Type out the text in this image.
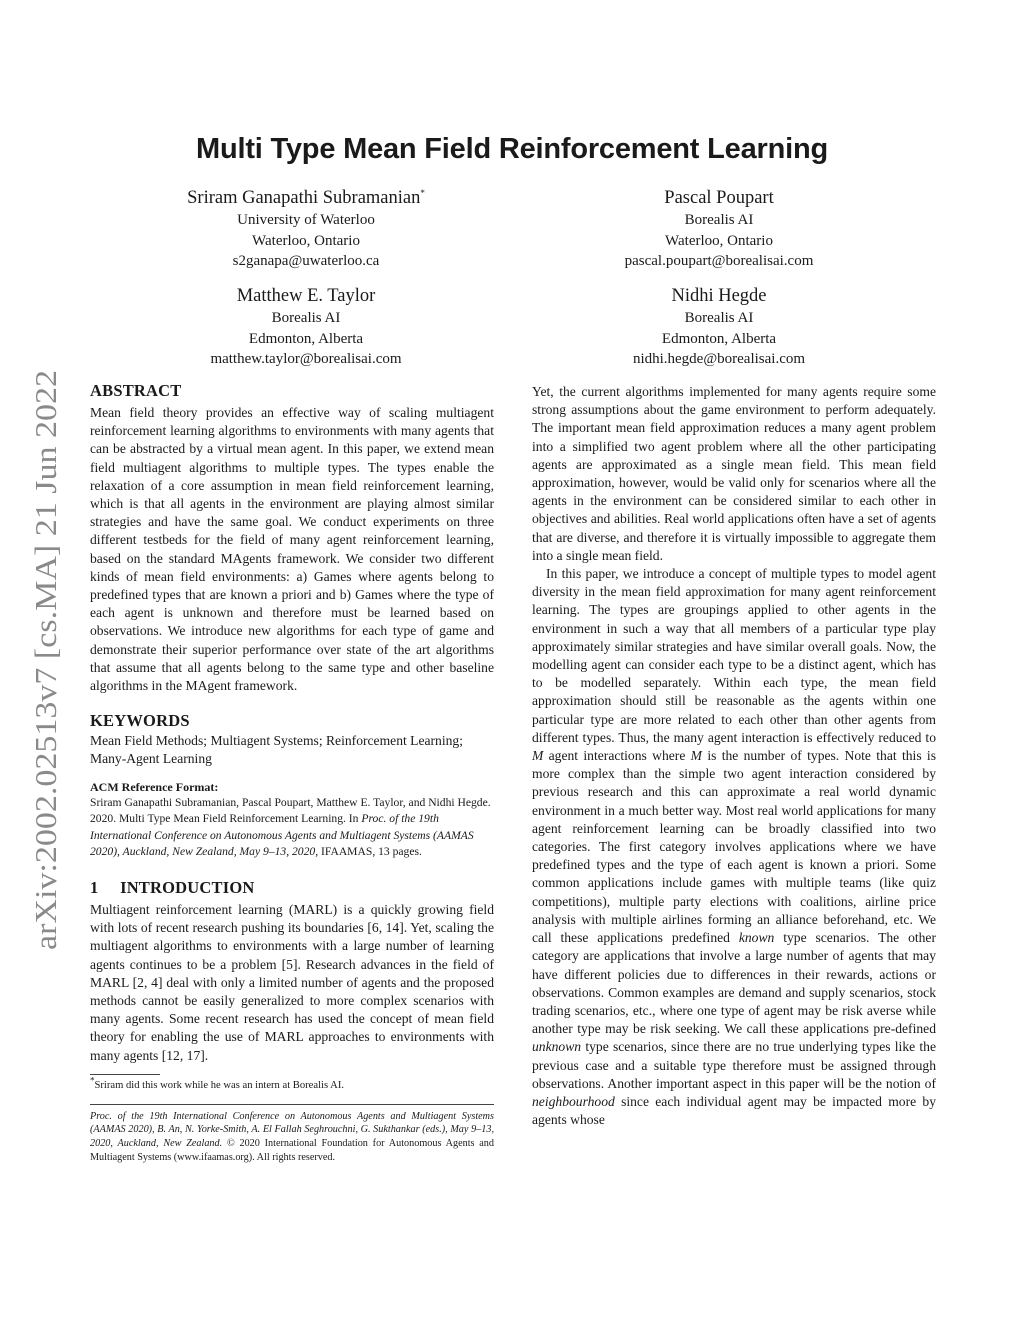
arXiv:2002.02513v7 [cs.MA] 21 Jun 2022
Multi Type Mean Field Reinforcement Learning
Sriram Ganapathi Subramanian*
University of Waterloo
Waterloo, Ontario
s2ganapa@uwaterloo.ca
Pascal Poupart
Borealis AI
Waterloo, Ontario
pascal.poupart@borealisai.com
Matthew E. Taylor
Borealis AI
Edmonton, Alberta
matthew.taylor@borealisai.com
Nidhi Hegde
Borealis AI
Edmonton, Alberta
nidhi.hegde@borealisai.com
ABSTRACT

Mean field theory provides an effective way of scaling multiagent reinforcement learning algorithms to environments with many agents that can be abstracted by a virtual mean agent. In this paper, we extend mean field multiagent algorithms to multiple types. The types enable the relaxation of a core assumption in mean field reinforcement learning, which is that all agents in the environment are playing almost similar strategies and have the same goal. We conduct experiments on three different testbeds for the field of many agent reinforcement learning, based on the standard MAgents framework. We consider two different kinds of mean field environments: a) Games where agents belong to predefined types that are known a priori and b) Games where the type of each agent is unknown and therefore must be learned based on observations. We introduce new algorithms for each type of game and demonstrate their superior performance over state of the art algorithms that assume that all agents belong to the same type and other baseline algorithms in the MAgent framework.

KEYWORDS

Mean Field Methods; Multiagent Systems; Reinforcement Learning; Many-Agent Learning

ACM Reference Format:

Sriram Ganapathi Subramanian, Pascal Poupart, Matthew E. Taylor, and Nidhi Hegde. 2020. Multi Type Mean Field Reinforcement Learning. In Proc. of the 19th International Conference on Autonomous Agents and Multiagent Systems (AAMAS 2020), Auckland, New Zealand, May 9–13, 2020, IFAAMAS, 13 pages.

1     INTRODUCTION

Multiagent reinforcement learning (MARL) is a quickly growing field with lots of recent research pushing its boundaries [6, 14]. Yet, scaling the multiagent algorithms to environments with a large number of learning agents continues to be a problem [5]. Research advances in the field of MARL [2, 4] deal with only a limited number of agents and the proposed methods cannot be easily generalized to more complex scenarios with many agents. Some recent research has used the concept of mean field theory for enabling the use of MARL approaches to environments with many agents [12, 17].

*Sriram did this work while he was an intern at Borealis AI.

Proc. of the 19th International Conference on Autonomous Agents and Multiagent Systems (AAMAS 2020), B. An, N. Yorke-Smith, A. El Fallah Seghrouchni, G. Sukthankar (eds.), May 9–13, 2020, Auckland, New Zealand. © 2020 International Foundation for Autonomous Agents and Multiagent Systems (www.ifaamas.org). All rights reserved.

Yet, the current algorithms implemented for many agents require some strong assumptions about the game environment to perform adequately. The important mean field approximation reduces a many agent problem into a simplified two agent problem where all the other participating agents are approximated as a single mean field. This mean field approximation, however, would be valid only for scenarios where all the agents in the environment can be considered similar to each other in objectives and abilities. Real world applications often have a set of agents that are diverse, and therefore it is virtually impossible to aggregate them into a single mean field.

In this paper, we introduce a concept of multiple types to model agent diversity in the mean field approximation for many agent reinforcement learning. The types are groupings applied to other agents in the environment in such a way that all members of a particular type play approximately similar strategies and have similar overall goals. Now, the modelling agent can consider each type to be a distinct agent, which has to be modelled separately. Within each type, the mean field approximation should still be reasonable as the agents within one particular type are more related to each other than other agents from different types. Thus, the many agent interaction is effectively reduced to M agent interactions where M is the number of types. Note that this is more complex than the simple two agent interaction considered by previous research and this can approximate a real world dynamic environment in a much better way. Most real world applications for many agent reinforcement learning can be broadly classified into two categories. The first category involves applications where we have predefined types and the type of each agent is known a priori. Some common applications include games with multiple teams (like quiz competitions), multiple party elections with coalitions, airline price analysis with multiple airlines forming an alliance beforehand, etc. We call these applications predefined known type scenarios. The other category are applications that involve a large number of agents that may have different policies due to differences in their rewards, actions or observations. Common examples are demand and supply scenarios, stock trading scenarios, etc., where one type of agent may be risk averse while another type may be risk seeking. We call these applications pre-defined unknown type scenarios, since there are no true underlying types like the previous case and a suitable type therefore must be assigned through observations. Another important aspect in this paper will be the notion of neighbourhood since each individual agent may be impacted more by agents whose
